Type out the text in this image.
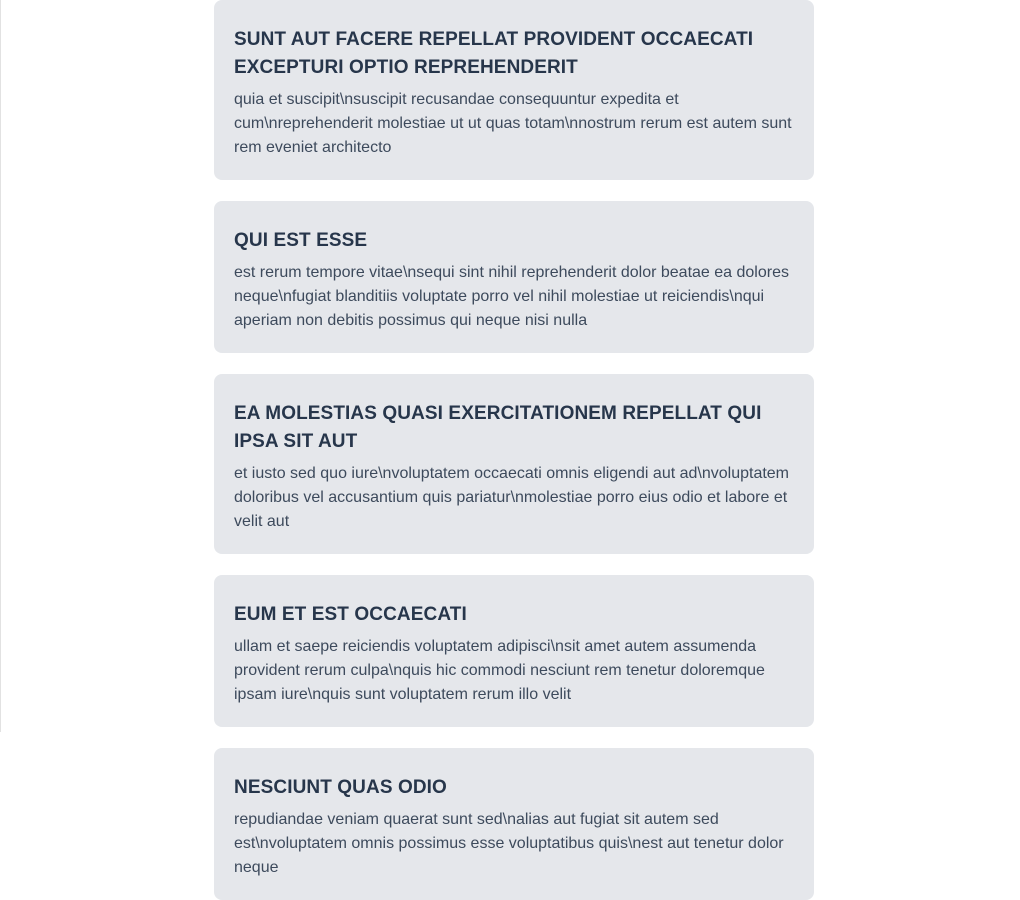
SUNT AUT FACERE REPELLAT PROVIDENT OCCAECATI EXCEPTURI OPTIO REPREHENDERIT

quia et suscipit\nsuscipit recusandae consequuntur expedita et cum\nreprehenderit molestiae ut ut quas totam\nnostrum rerum est autem sunt rem eveniet architecto

QUI EST ESSE

est rerum tempore vitae\nsequi sint nihil reprehenderit dolor beatae ea dolores neque\nfugiat blanditiis voluptate porro vel nihil molestiae ut reiciendis\nqui aperiam non debitis possimus qui neque nisi nulla

EA MOLESTIAS QUASI EXERCITATIONEM REPELLAT QUI IPSA SIT AUT

et iusto sed quo iure\nvoluptatem occaecati omnis eligendi aut ad\nvoluptatem doloribus vel accusantium quis pariatur\nmolestiae porro eius odio et labore et velit aut

EUM ET EST OCCAECATI

ullam et saepe reiciendis voluptatem adipisci\nsit amet autem assumenda provident rerum culpa\nquis hic commodi nesciunt rem tenetur doloremque ipsam iure\nquis sunt voluptatem rerum illo velit

NESCIUNT QUAS ODIO

repudiandae veniam quaerat sunt sed\nalias aut fugiat sit autem sed est\nvoluptatem omnis possimus esse voluptatibus quis\nest aut tenetur dolor neque
